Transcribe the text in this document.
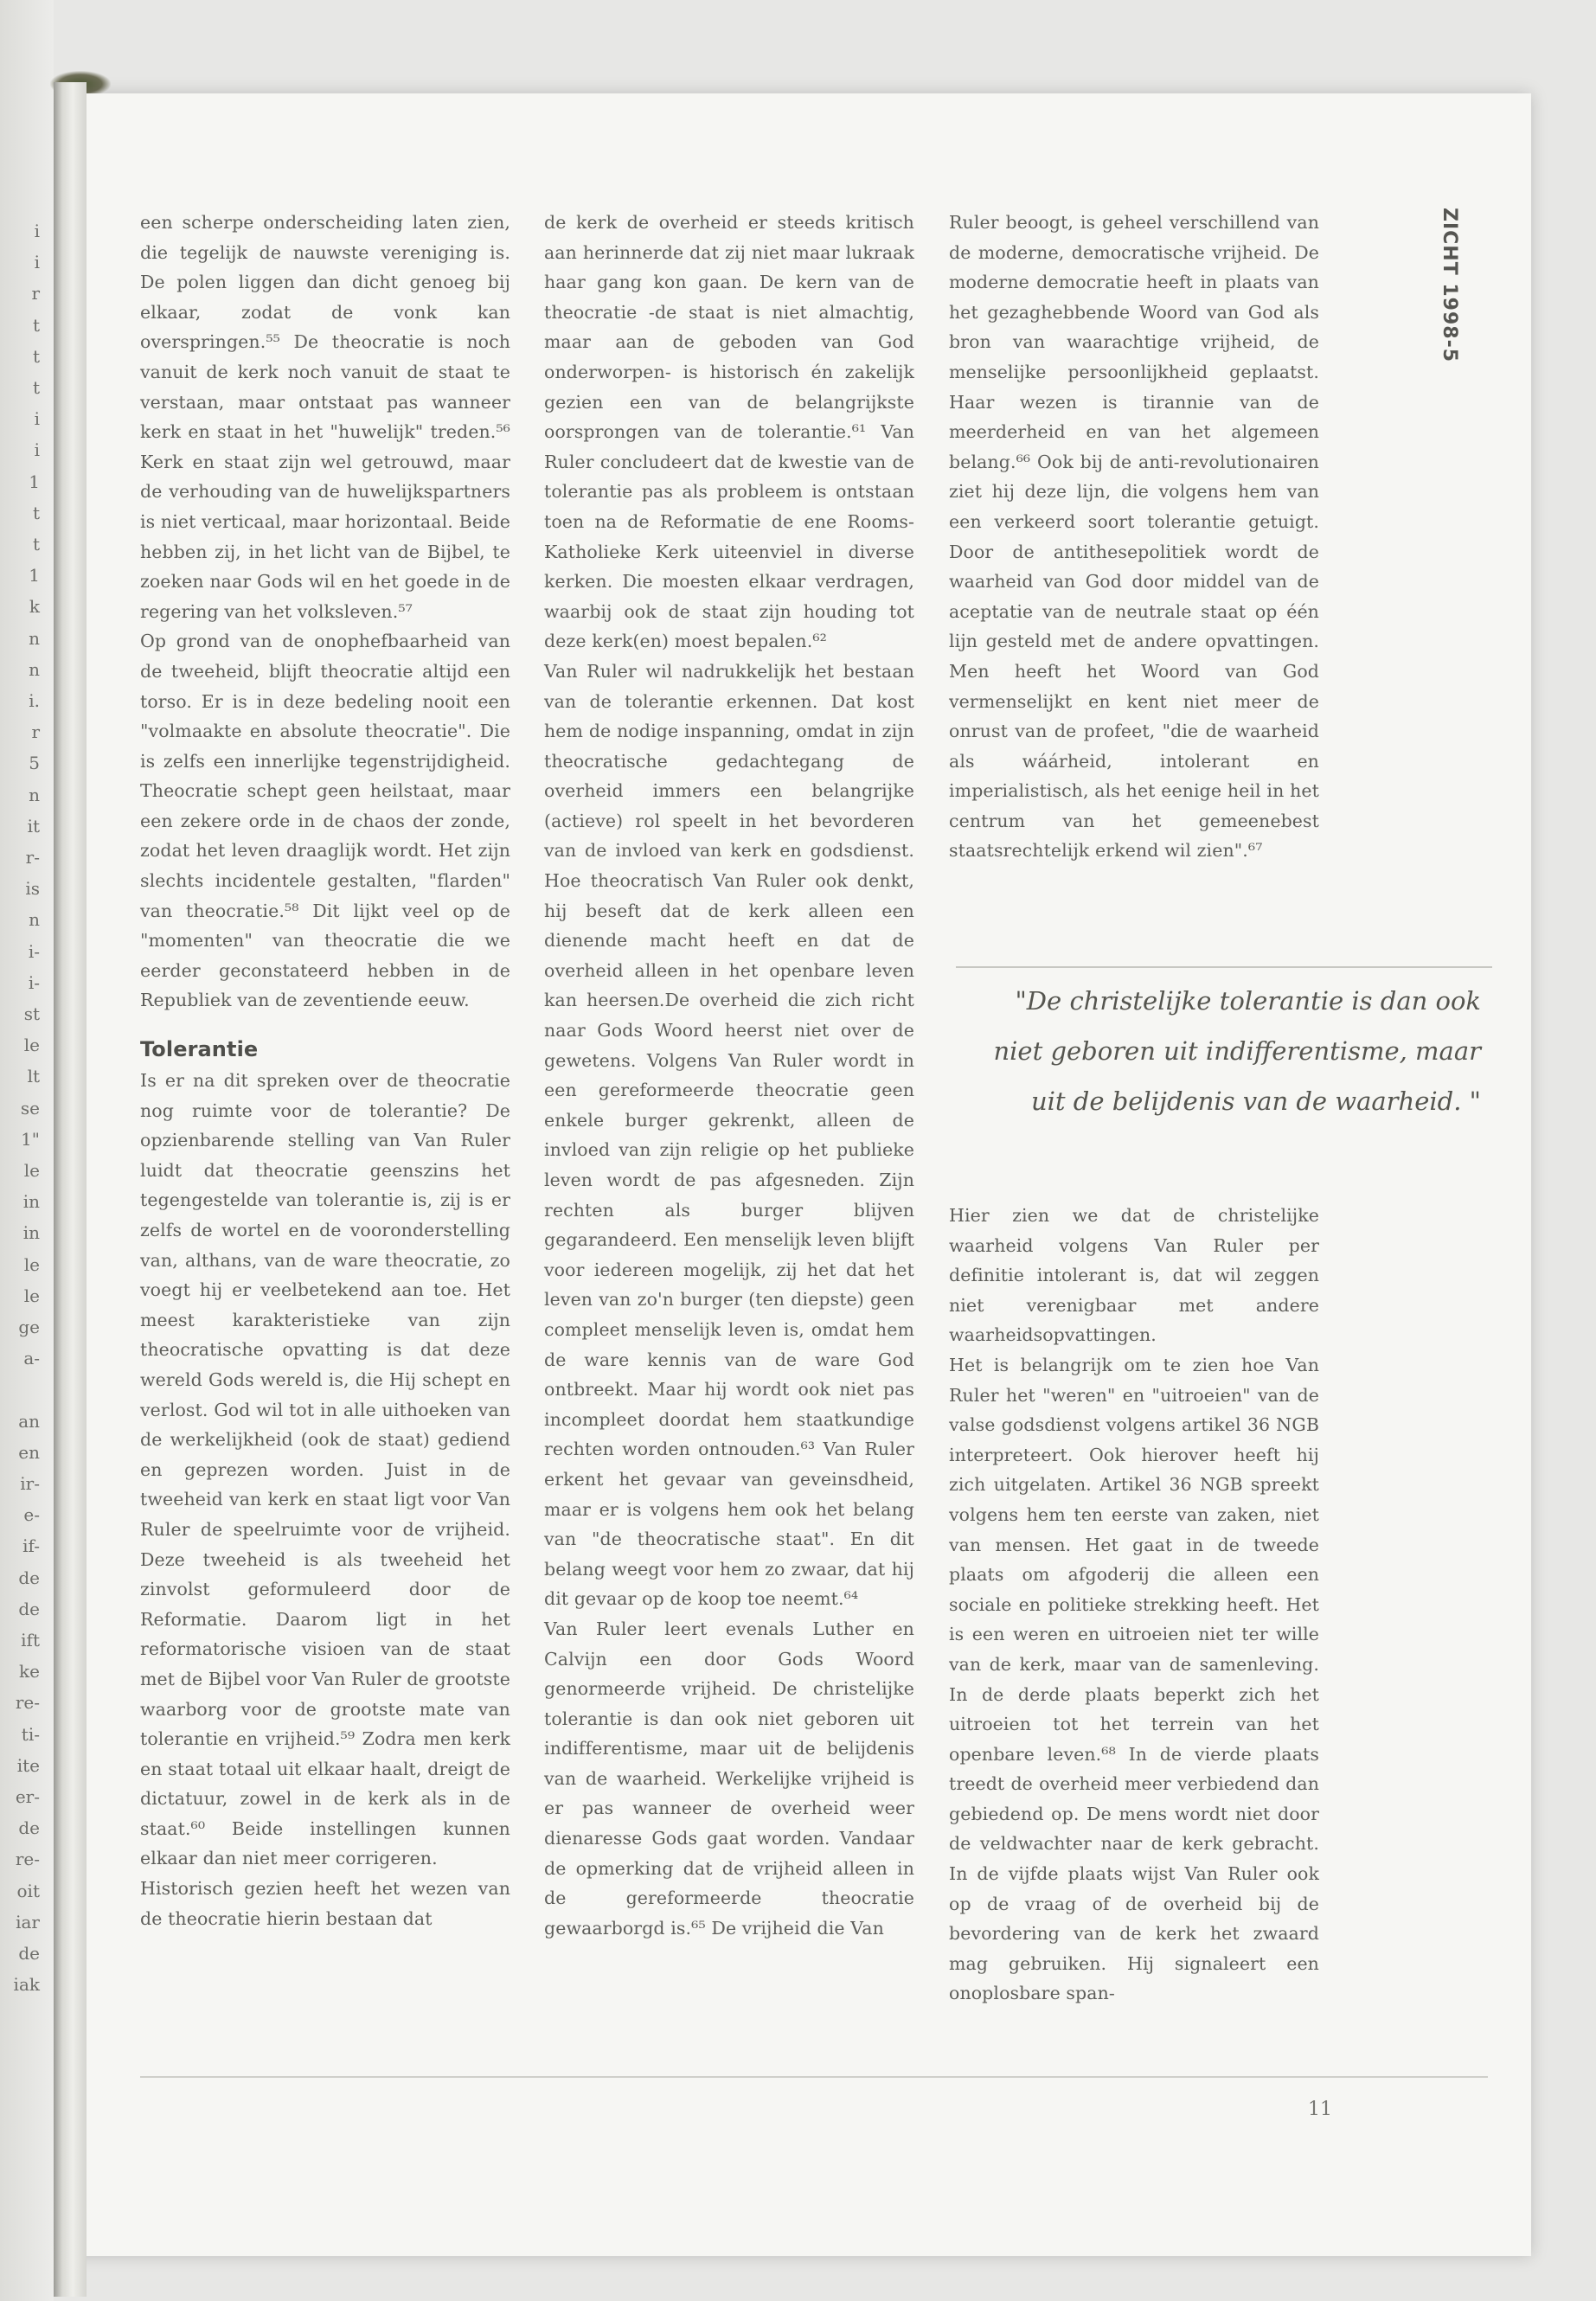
i
i
r
t
t
t
i
i
1
t
t
1
k
n
n
i.
r
5
n
it
r-
is
n
i-
i-
st
le
lt
se
1"
le
in
in
le
le
ge
a-
an
en
ir-
e-
if-
de
de
ift
ke
re-
ti-
ite
er-
de
re-
oit
iar
de
iak
ZICHT 1998-5

een scherpe onderscheiding laten zien, die tegelijk de nauwste vereniging is. De polen liggen dan dicht genoeg bij elkaar, zodat de vonk kan overspringen.⁵⁵ De theocratie is noch vanuit de kerk noch vanuit de staat te verstaan, maar ontstaat pas wanneer kerk en staat in het "huwelijk" treden.⁵⁶ Kerk en staat zijn wel getrouwd, maar de verhouding van de huwelijkspartners is niet verticaal, maar horizontaal. Beide hebben zij, in het licht van de Bijbel, te zoeken naar Gods wil en het goede in de regering van het volksleven.⁵⁷

Op grond van de onophefbaarheid van de tweeheid, blijft theocratie altijd een torso. Er is in deze bedeling nooit een "volmaakte en absolute theocratie". Die is zelfs een innerlijke tegenstrijdigheid. Theocratie schept geen heilstaat, maar een zekere orde in de chaos der zonde, zodat het leven draaglijk wordt. Het zijn slechts incidentele gestalten, "flarden" van theocratie.⁵⁸ Dit lijkt veel op de "momenten" van theocratie die we eerder geconstateerd hebben in de Republiek van de zeventiende eeuw.

Tolerantie

Is er na dit spreken over de theocratie nog ruimte voor de tolerantie? De opzienbarende stelling van Van Ruler luidt dat theocratie geenszins het tegengestelde van tolerantie is, zij is er zelfs de wortel en de vooronderstelling van, althans, van de ware theocratie, zo voegt hij er veelbetekend aan toe. Het meest karakteristieke van zijn theocratische opvatting is dat deze wereld Gods wereld is, die Hij schept en verlost. God wil tot in alle uithoeken van de werkelijkheid (ook de staat) gediend en geprezen worden. Juist in de tweeheid van kerk en staat ligt voor Van Ruler de speelruimte voor de vrijheid. Deze tweeheid is als tweeheid het zinvolst geformuleerd door de Reformatie. Daarom ligt in het reformatorische visioen van de staat met de Bijbel voor Van Ruler de grootste waarborg voor de grootste mate van tolerantie en vrijheid.⁵⁹ Zodra men kerk en staat totaal uit elkaar haalt, dreigt de dictatuur, zowel in de kerk als in de staat.⁶⁰ Beide instellingen kunnen elkaar dan niet meer corrigeren.

Historisch gezien heeft het wezen van de theocratie hierin bestaan dat

de kerk de overheid er steeds kritisch aan herinnerde dat zij niet maar lukraak haar gang kon gaan. De kern van de theocratie -de staat is niet almachtig, maar aan de geboden van God onderworpen- is historisch én zakelijk gezien een van de belangrijkste oorsprongen van de tolerantie.⁶¹ Van Ruler concludeert dat de kwestie van de tolerantie pas als probleem is ontstaan toen na de Reformatie de ene Rooms-Katholieke Kerk uiteenviel in diverse kerken. Die moesten elkaar verdragen, waarbij ook de staat zijn houding tot deze kerk(en) moest bepalen.⁶²

Van Ruler wil nadrukkelijk het bestaan van de tolerantie erkennen. Dat kost hem de nodige inspanning, omdat in zijn theocratische gedachtegang de overheid immers een belangrijke (actieve) rol speelt in het bevorderen van de invloed van kerk en godsdienst. Hoe theocratisch Van Ruler ook denkt, hij beseft dat de kerk alleen een dienende macht heeft en dat de overheid alleen in het openbare leven kan heersen.De overheid die zich richt naar Gods Woord heerst niet over de gewetens. Volgens Van Ruler wordt in een gereformeerde theocratie geen enkele burger gekrenkt, alleen de invloed van zijn religie op het publieke leven wordt de pas afgesneden. Zijn rechten als burger blijven gegarandeerd. Een menselijk leven blijft voor iedereen mogelijk, zij het dat het leven van zo'n burger (ten diepste) geen compleet menselijk leven is, omdat hem de ware kennis van de ware God ontbreekt. Maar hij wordt ook niet pas incompleet doordat hem staatkundige rechten worden ontnouden.⁶³ Van Ruler erkent het gevaar van geveinsdheid, maar er is volgens hem ook het belang van "de theocratische staat". En dit belang weegt voor hem zo zwaar, dat hij dit gevaar op de koop toe neemt.⁶⁴

Van Ruler leert evenals Luther en Calvijn een door Gods Woord genormeerde vrijheid. De christelijke tolerantie is dan ook niet geboren uit indifferentisme, maar uit de belijdenis van de waarheid. Werkelijke vrijheid is er pas wanneer de overheid weer dienaresse Gods gaat worden. Vandaar de opmerking dat de vrijheid alleen in de gereformeerde theocratie gewaarborgd is.⁶⁵ De vrijheid die Van

Ruler beoogt, is geheel verschillend van de moderne, democratische vrijheid. De moderne democratie heeft in plaats van het gezaghebbende Woord van God als bron van waarachtige vrijheid, de menselijke persoonlijkheid geplaatst. Haar wezen is tirannie van de meerderheid en van het algemeen belang.⁶⁶ Ook bij de anti-revolutionairen ziet hij deze lijn, die volgens hem van een verkeerd soort tolerantie getuigt. Door de antithesepolitiek wordt de waarheid van God door middel van de aceptatie van de neutrale staat op één lijn gesteld met de andere opvattingen. Men heeft het Woord van God vermenselijkt en kent niet meer de onrust van de profeet, "die de waarheid als wáárheid, intolerant en imperialistisch, als het eenige heil in het centrum van het gemeenebest staatsrechtelijk erkend wil zien".⁶⁷

Hier zien we dat de christelijke waarheid volgens Van Ruler per definitie intolerant is, dat wil zeggen niet verenigbaar met andere waarheidsopvattingen.

Het is belangrijk om te zien hoe Van Ruler het "weren" en "uitroeien" van de valse godsdienst volgens artikel 36 NGB interpreteert. Ook hierover heeft hij zich uitgelaten. Artikel 36 NGB spreekt volgens hem ten eerste van zaken, niet van mensen. Het gaat in de tweede plaats om afgoderij die alleen een sociale en politieke strekking heeft. Het is een weren en uitroeien niet ter wille van de kerk, maar van de samenleving. In de derde plaats beperkt zich het uitroeien tot het terrein van het openbare leven.⁶⁸ In de vierde plaats treedt de overheid meer verbiedend dan gebiedend op. De mens wordt niet door de veldwachter naar de kerk gebracht. In de vijfde plaats wijst Van Ruler ook op de vraag of de overheid bij de bevordering van de kerk het zwaard mag gebruiken. Hij signaleert een onoplosbare span-

"De christelijke tolerantie is dan ook niet geboren uit indifferentisme, maar uit de belijdenis van de waarheid. "
11
